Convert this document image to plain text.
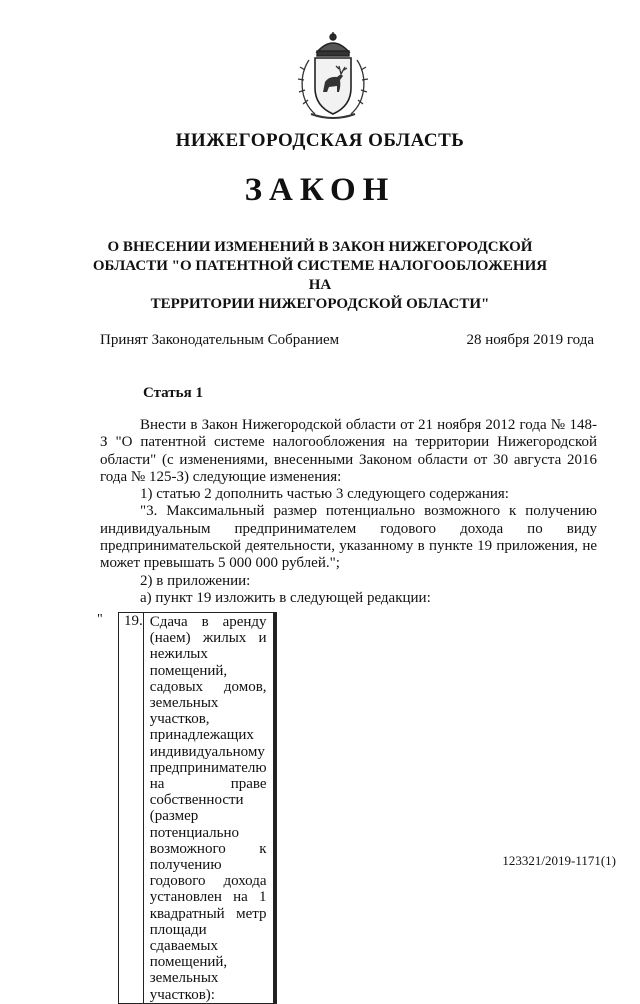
НИЖЕГОРОДСКАЯ ОБЛАСТЬ
ЗАКОН
О ВНЕСЕНИИ ИЗМЕНЕНИЙ В ЗАКОН НИЖЕГОРОДСКОЙ
ОБЛАСТИ "О ПАТЕНТНОЙ СИСТЕМЕ НАЛОГООБЛОЖЕНИЯ НА
ТЕРРИТОРИИ НИЖЕГОРОДСКОЙ ОБЛАСТИ"
Принят Законодательным Собранием	28 ноября 2019 года
Статья 1

Внести в Закон Нижегородской области от 21 ноября 2012 года № 148-З "О патентной системе налогообложения на территории Нижегородской области" (с изменениями, внесенными Законом области от 30 августа 2016 года № 125-З) следующие изменения:

1) статью 2 дополнить частью 3 следующего содержания:

"3. Максимальный размер потенциально возможного к получению индивидуальным предпринимателем годового дохода по виду предпринимательской деятельности, указанному в пункте 19 приложения, не может превышать 5 000 000 рублей.";

2) в приложении:

а) пункт 19 изложить в следующей редакции:

" 19.	Сдача в аренду (наем) жилых и нежилых помещений, садовых домов, земельных участков, принадлежащих индивидуальному предпринимателю на праве собственности (размер потенциально возможного к получению годового дохода установлен на 1 квадратный метр площади сдаваемых помещений, земельных участков):			
123321/2019-1171(1)
